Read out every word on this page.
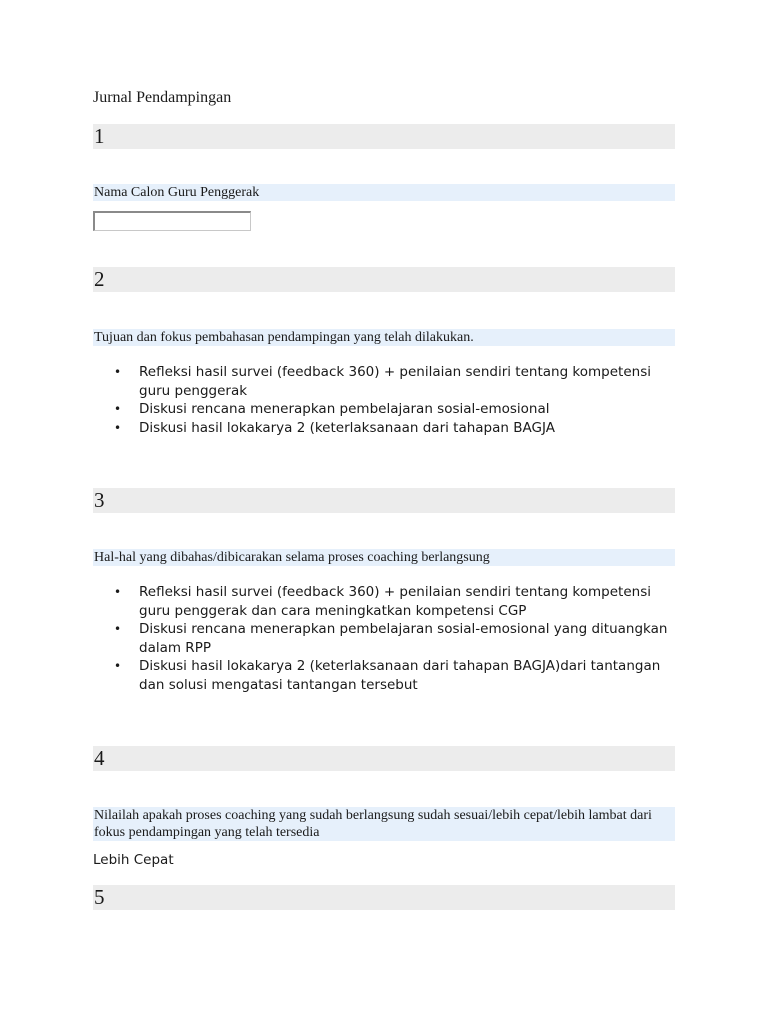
Jurnal Pendampingan
1
Nama Calon Guru Penggerak
2
Tujuan dan fokus pembahasan pendampingan yang telah dilakukan.
• Refleksi hasil survei (feedback 360) + penilaian sendiri tentang kompetensi guru penggerak
• Diskusi rencana menerapkan pembelajaran sosial-emosional
• Diskusi hasil lokakarya 2 (keterlaksanaan dari tahapan BAGJA
3
Hal-hal yang dibahas/dibicarakan selama proses coaching berlangsung
• Refleksi hasil survei (feedback 360) + penilaian sendiri tentang kompetensi guru penggerak dan cara meningkatkan kompetensi CGP
• Diskusi rencana menerapkan pembelajaran sosial-emosional yang dituangkan dalam RPP
• Diskusi hasil lokakarya 2 (keterlaksanaan dari tahapan BAGJA)dari tantangan dan solusi mengatasi tantangan tersebut
4
Nilailah apakah proses coaching yang sudah berlangsung sudah sesuai/lebih cepat/lebih lambat dari fokus pendampingan yang telah tersedia
Lebih Cepat
5
